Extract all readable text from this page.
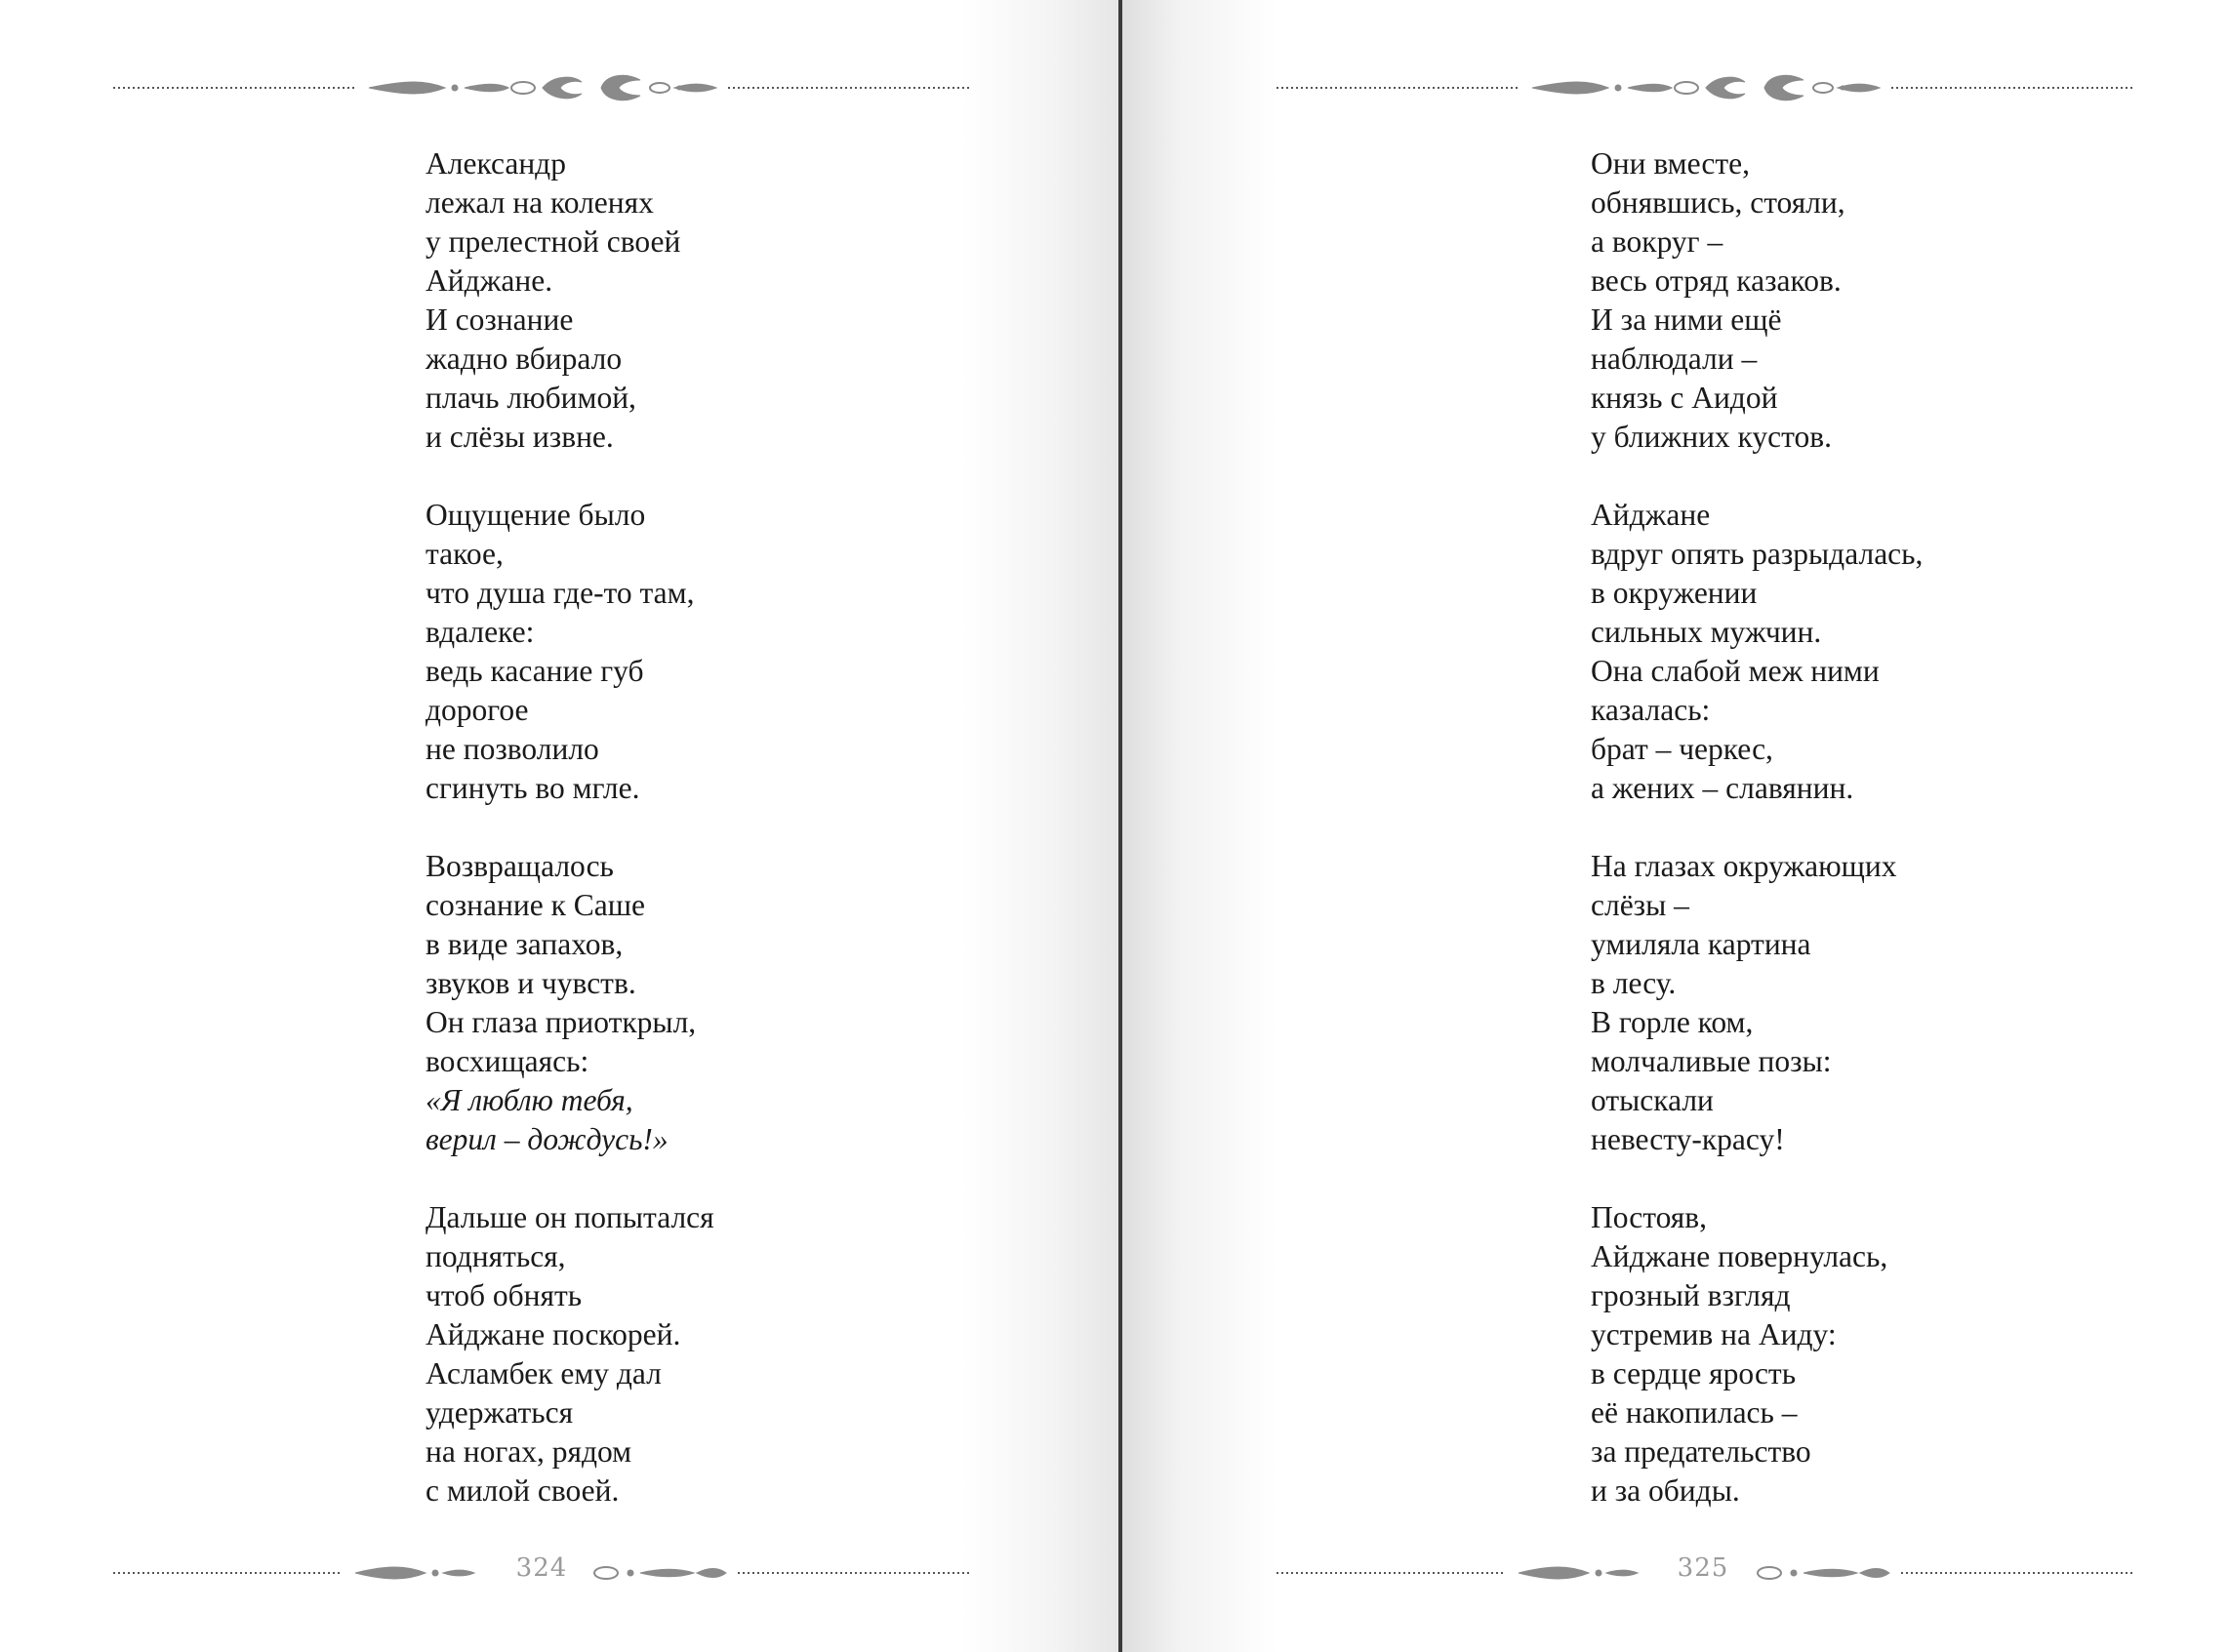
Александр
лежал на коленях
у прелестной своей
Айджане.
И сознание
жадно вбирало
плачь любимой,
и слёзы извне.
Ощущение было
такое,
что душа где-то там,
вдалеке:
ведь касание губ
дорогое
не позволило
сгинуть во мгле.
Возвращалось
сознание к Саше
в виде запахов,
звуков и чувств.
Он глаза приоткрыл,
восхищаясь:
«Я люблю тебя,
верил – дождусь!»
Дальше он попытался
подняться,
чтоб обнять
Айджане поскорей.
Асламбек ему дал
удержаться
на ногах, рядом
с милой своей.
324
Они вместе,
обнявшись, стояли,
а вокруг –
весь отряд казаков.
И за ними ещё
наблюдали –
князь с Аидой
у ближних кустов.
Айджане
вдруг опять разрыдалась,
в окружении
сильных мужчин.
Она слабой меж ними
казалась:
брат – черкес,
а жених – славянин.
На глазах окружающих
слёзы –
умиляла картина
в лесу.
В горле ком,
молчаливые позы:
отыскали
невесту-красу!
Постояв,
Айджане повернулась,
грозный взгляд
устремив на Аиду:
в сердце ярость
её накопилась –
за предательство
и за обиды.
325
